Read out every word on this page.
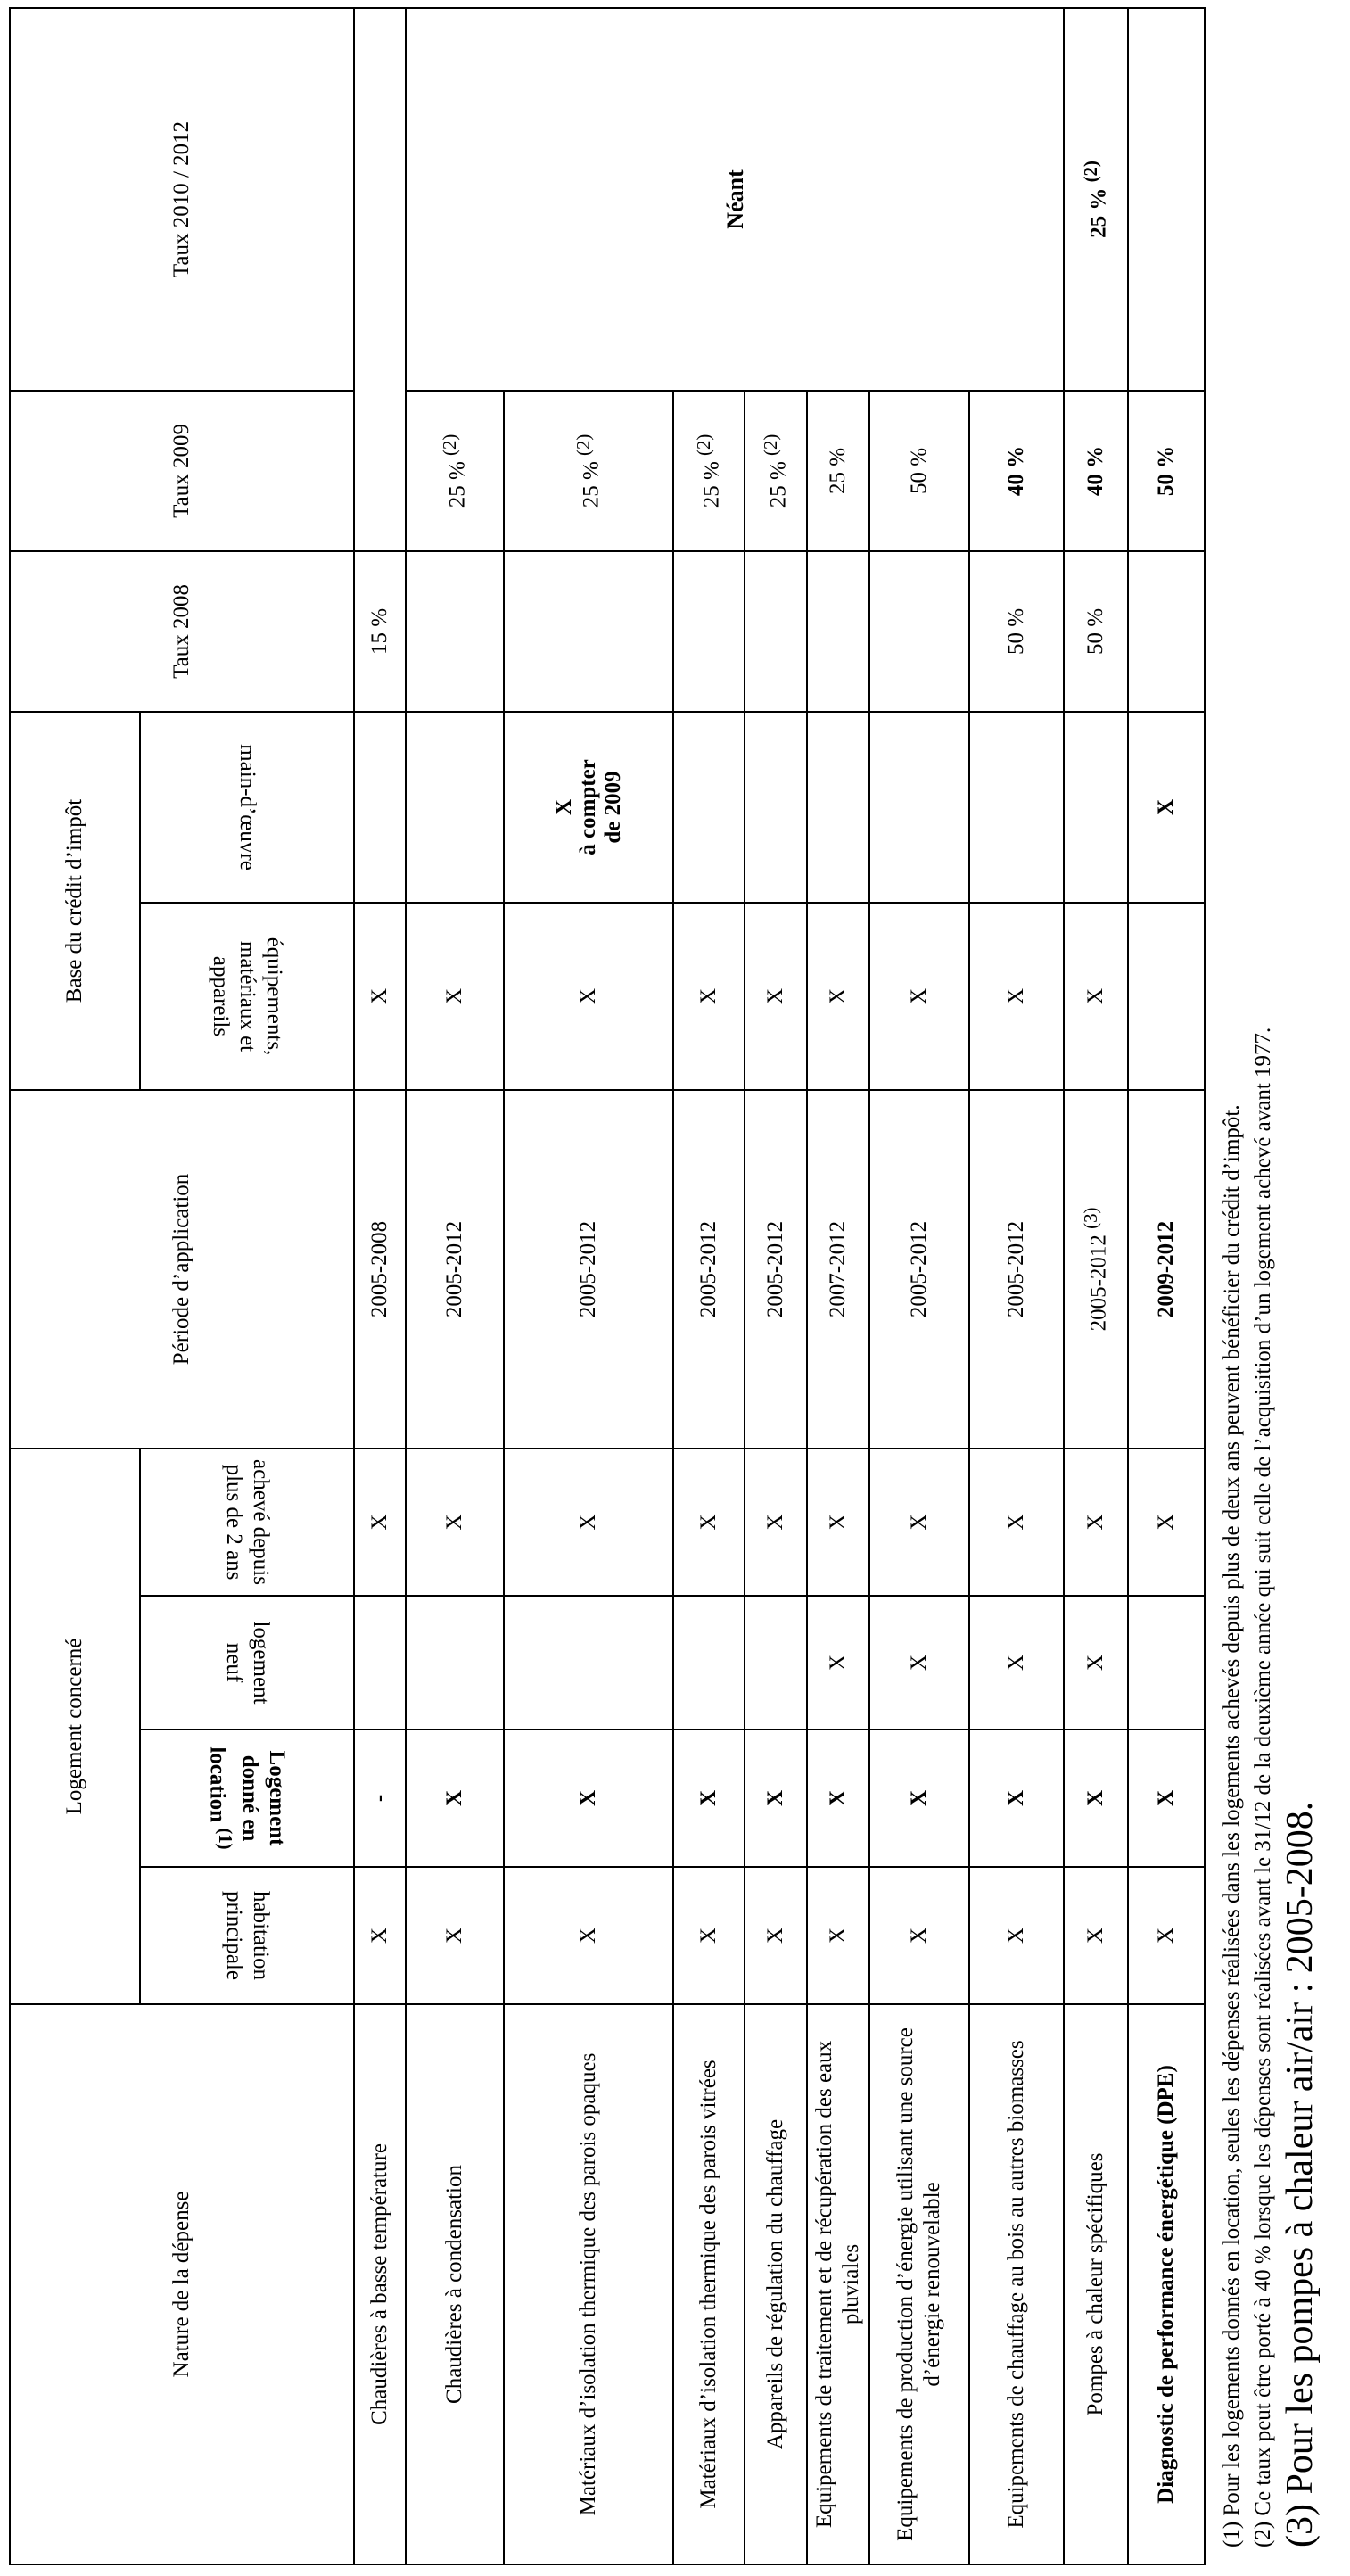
Nature de la dépense	Logement concerné				Période d’application	Base du crédit d’impôt		Taux 2008	Taux 2009	Taux 2010 / 2012	
	habitation principale	Logement donné en location $^{(1)}$	logement neuf	achevé depuis plus de 2 ans		équipements, matériaux et appareils	main-d’œuvre				
Chaudières à basse température	X	-		X	2005-2008	X		15 %			
Chaudières à condensation	X	X		X	2005-2012	X			25 % $^{(2)}$	Néant	
Matériaux d’isolation thermique des parois opaques	X	X		X	2005-2012	X	X à compter de 2009		25 % $^{(2)}$
Matériaux d’isolation thermique des parois vitrées	X	X		X	2005-2012	X			25 % $^{(2)}$
Appareils de régulation du chauffage	X	X		X	2005-2012	X			25 % $^{(2)}$
Equipements de traitement et de récupération des eaux pluviales	X	X	X	X	2007-2012	X			25 %		
Equipements de production d’énergie utilisant une source d’énergie renouvelable	X	X	X	X	2005-2012	X			50 %		
Equipements de chauffage au bois au autres biomasses	X	X	X	X	2005-2012	X		50 %	40 %	
Pompes à chaleur spécifiques	X	X	X	X	2005-2012 $^{(3)}$	X		50 %	40 %	25 % $^{(2)}$
Diagnostic de performance énergétique (DPE)	X	X		X	2009-2012		X		50 %		
(1) Pour les logements donnés en location, seules les dépenses réalisées dans les logements achevés depuis plus de deux ans peuvent bénéficier du crédit d’impôt. (2) Ce taux peut être porté à 40 % lorsque les dépenses sont réalisées avant le 31/12 de la deuxième année qui suit celle de l’acquisition d’un logement achevé avant 1977. (3) Pour les pompes à chaleur air/air : 2005-2008.
